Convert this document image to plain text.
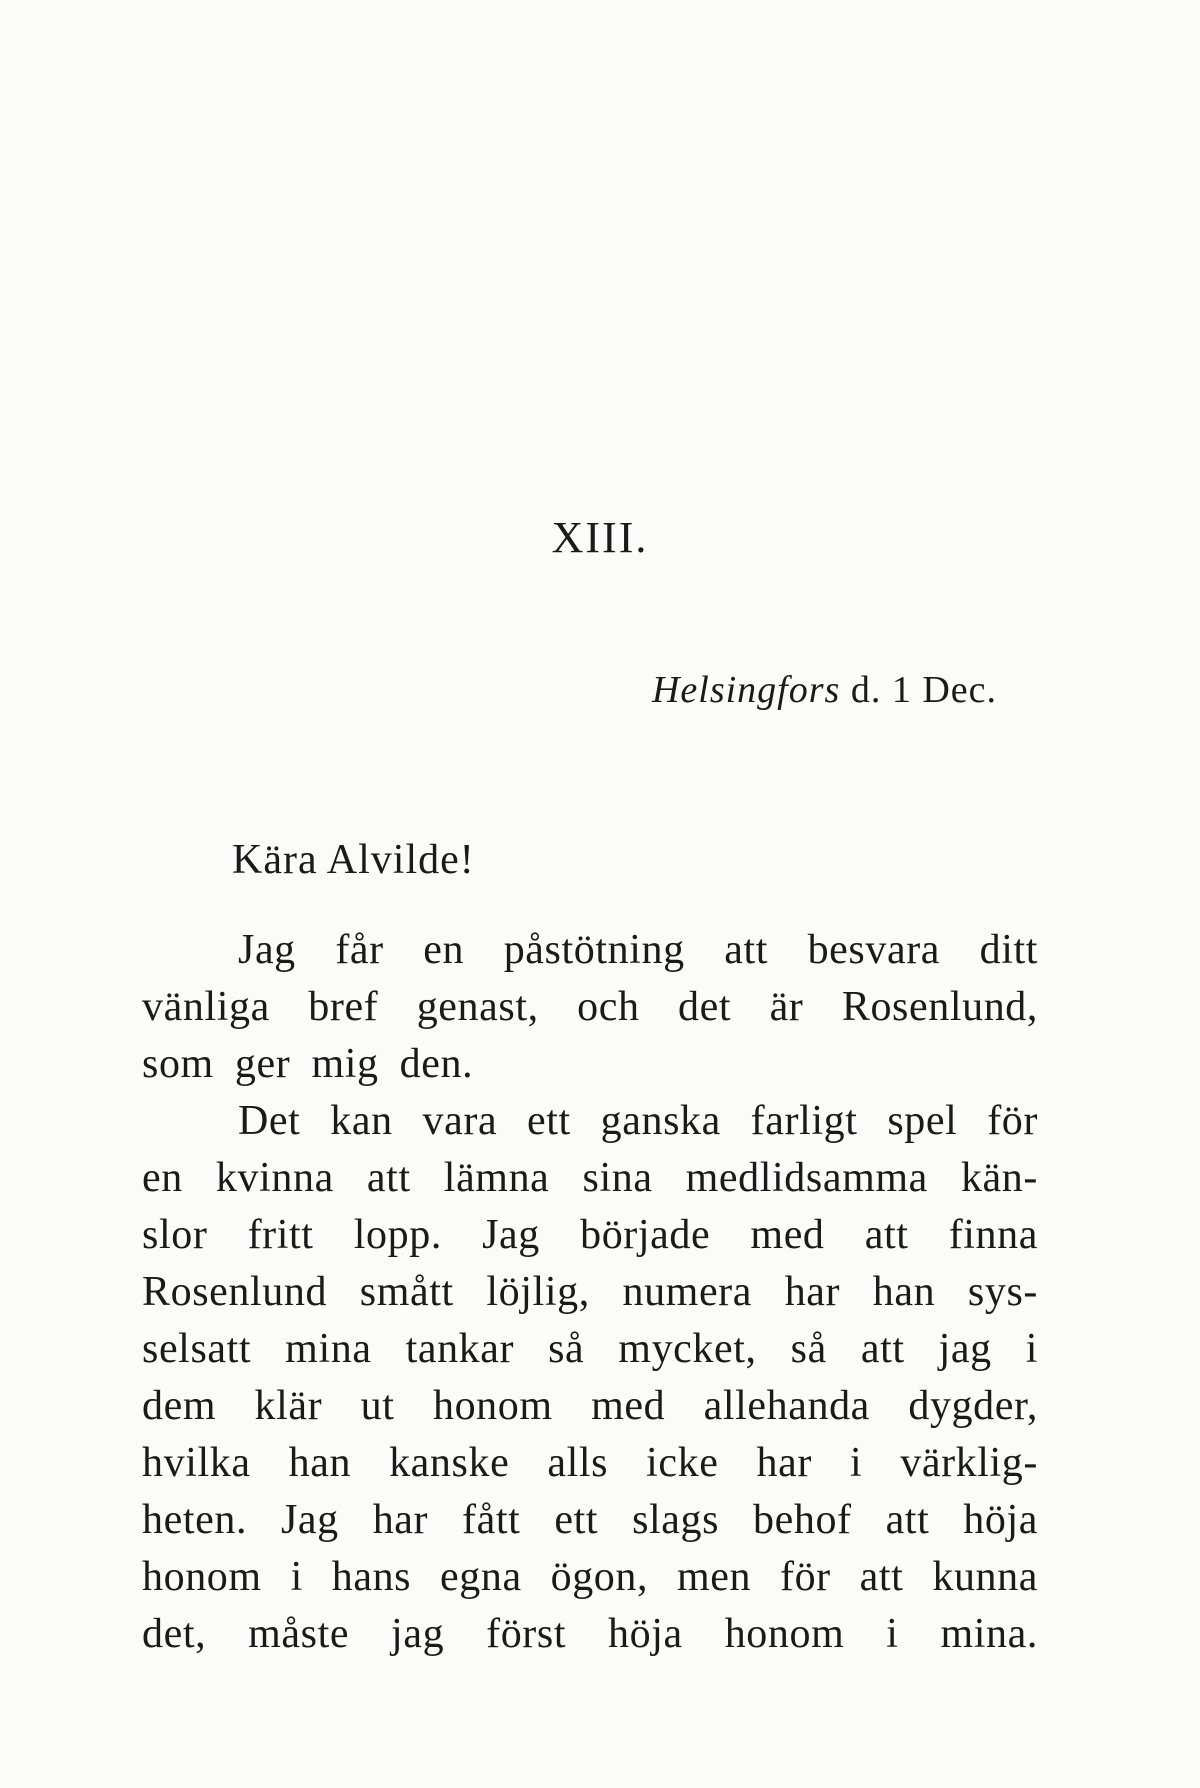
XIII.
Helsingfors d. 1 Dec.
Kära Alvilde!
Jag får en påstötning att besvara ditt
vänliga bref genast, och det är Rosenlund,
som ger mig den.
Det kan vara ett ganska farligt spel för
en kvinna att lämna sina medlidsamma kän-
slor fritt lopp. Jag började med att finna
Rosenlund smått löjlig, numera har han sys-
selsatt mina tankar så mycket, så att jag i
dem klär ut honom med allehanda dygder,
hvilka han kanske alls icke har i värklig-
heten. Jag har fått ett slags behof att höja
honom i hans egna ögon, men för att kunna
det, måste jag först höja honom i mina.
